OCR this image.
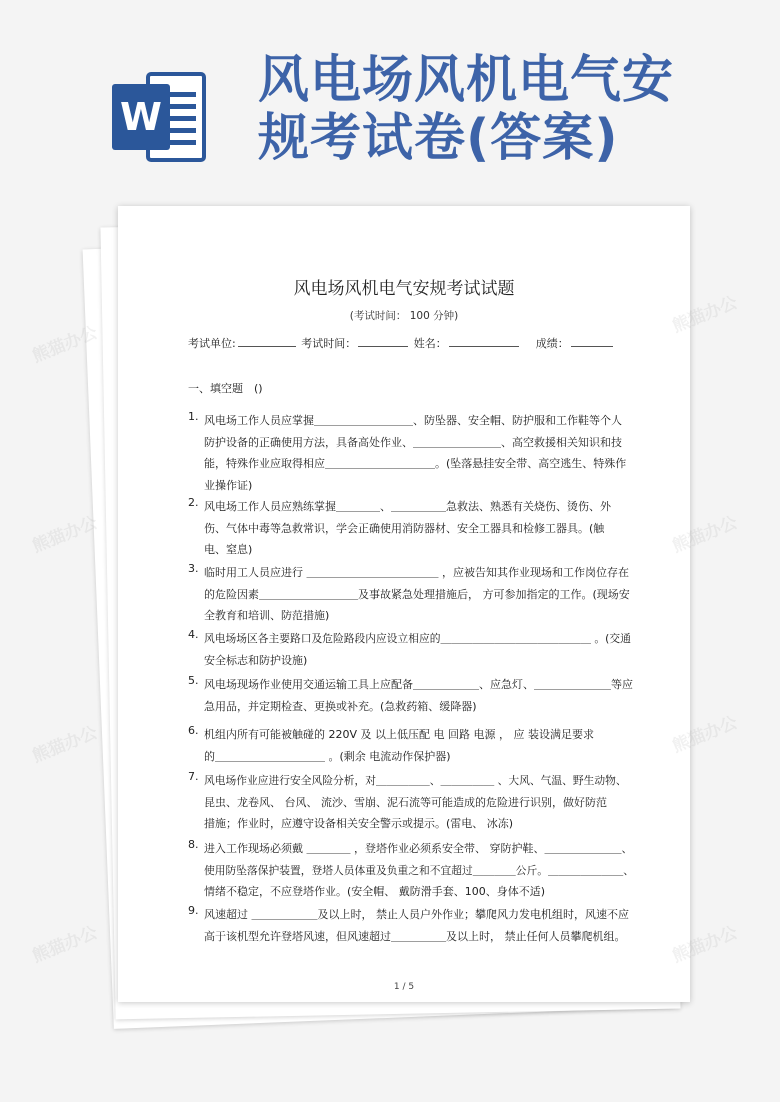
W
风电场风机电气安
规考试卷(答案)
风电场风机电气安规考试试题
(考试时间： 100 分钟)
考试单位:	考试时间：	姓名：	成绩：
一、填空题　()
1. 风电场工作人员应掌握＿＿＿＿＿＿＿＿＿、防坠器、安全帽、防护服和工作鞋等个人
防护设备的正确使用方法，具备高处作业、＿＿＿＿＿＿＿＿、高空救援相关知识和技
能，特殊作业应取得相应＿＿＿＿＿＿＿＿＿＿。(坠落悬挂安全带、高空逃生、特殊作
业操作证)
2. 风电场工作人员应熟练掌握＿＿＿＿、＿＿＿＿＿急救法、熟悉有关烧伤、烫伤、外
伤、气体中毒等急救常识，学会正确使用消防器材、安全工器具和检修工器具。(触
电、窒息)
3. 临时用工人员应进行 ＿＿＿＿＿＿＿＿＿＿＿＿ ，应被告知其作业现场和工作岗位存在
的危险因素＿＿＿＿＿＿＿＿＿及事故紧急处理措施后， 方可参加指定的工作。(现场安
全教育和培训、防范措施)
4. 风电场场区各主要路口及危险路段内应设立相应的＿＿＿＿＿＿＿＿＿＿＿＿＿＿ 。(交通
安全标志和防护设施)
5. 风电场现场作业使用交通运输工具上应配备＿＿＿＿＿＿、应急灯、＿＿＿＿＿＿＿等应
急用品，并定期检查、更换或补充。(急救药箱、缓降器)
6. 机组内所有可能被触碰的 220V 及 以上低压配 电 回路 电源 ， 应 装设满足要求
的＿＿＿＿＿＿＿＿＿＿ 。(剩余 电流动作保护器)
7. 风电场作业应进行安全风险分析，对＿＿＿＿＿、＿＿＿＿＿ 、大风、气温、野生动物、
昆虫、龙卷风、 台风、 流沙、雪崩、泥石流等可能造成的危险进行识别，做好防范
措施；作业时，应遵守设备相关安全警示或提示。(雷电、 冰冻)
8. 进入工作现场必须戴 ＿＿＿＿ ，登塔作业必须系安全带、 穿防护鞋、＿＿＿＿＿＿＿、
使用防坠落保护装置，登塔人员体重及负重之和不宜超过＿＿＿＿公斤。＿＿＿＿＿＿＿、
情绪不稳定，不应登塔作业。(安全帽、 戴防滑手套、100、身体不适)
9. 风速超过 ＿＿＿＿＿＿及以上时， 禁止人员户外作业；攀爬风力发电机组时，风速不应
高于该机型允许登塔风速，但风速超过＿＿＿＿＿及以上时， 禁止任何人员攀爬机组。
1 / 5
熊猫办公
熊猫办公
熊猫办公	熊猫办公
熊猫办公	熊猫办公
熊猫办公	熊猫办公
